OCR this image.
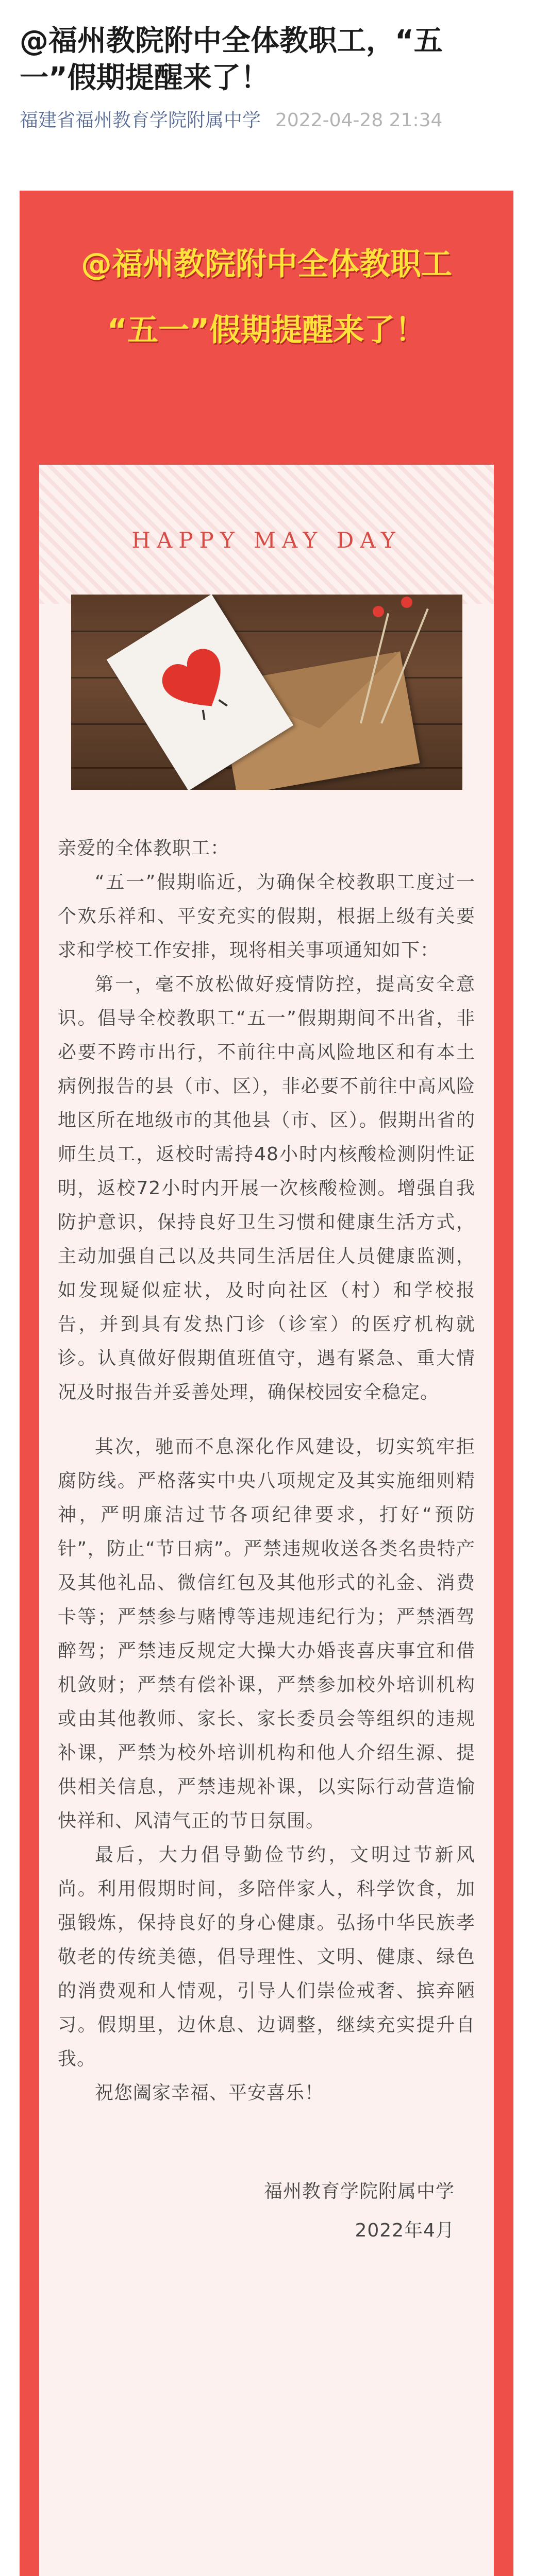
@福州教院附中全体教职工，“五一”假期提醒来了！
福建省福州教育学院附属中学 2022-04-28 21:34
@福州教院附中全体教职工
“五一”假期提醒来了！
HAPPY MAY DAY

亲爱的全体教职工：

“五一”假期临近，为确保全校教职工度过一个欢乐祥和、平安充实的假期，根据上级有关要求和学校工作安排，现将相关事项通知如下：

第一，毫不放松做好疫情防控，提高安全意识。倡导全校教职工“五一”假期期间不出省，非必要不跨市出行，不前往中高风险地区和有本土病例报告的县（市、区），非必要不前往中高风险地区所在地级市的其他县（市、区）。假期出省的师生员工，返校时需持48小时内核酸检测阴性证明，返校72小时内开展一次核酸检测。增强自我防护意识，保持良好卫生习惯和健康生活方式，主动加强自己以及共同生活居住人员健康监测，如发现疑似症状，及时向社区（村）和学校报告，并到具有发热门诊（诊室）的医疗机构就诊。认真做好假期值班值守，遇有紧急、重大情况及时报告并妥善处理，确保校园安全稳定。

其次，驰而不息深化作风建设，切实筑牢拒腐防线。严格落实中央八项规定及其实施细则精神，严明廉洁过节各项纪律要求，打好“预防针”，防止“节日病”。严禁违规收送各类名贵特产及其他礼品、微信红包及其他形式的礼金、消费卡等；严禁参与赌博等违规违纪行为；严禁酒驾醉驾；严禁违反规定大操大办婚丧喜庆事宜和借机敛财；严禁有偿补课，严禁参加校外培训机构或由其他教师、家长、家长委员会等组织的违规补课，严禁为校外培训机构和他人介绍生源、提供相关信息，严禁违规补课，以实际行动营造愉快祥和、风清气正的节日氛围。

最后，大力倡导勤俭节约，文明过节新风尚。利用假期时间，多陪伴家人，科学饮食，加强锻炼，保持良好的身心健康。弘扬中华民族孝敬老的传统美德，倡导理性、文明、健康、绿色的消费观和人情观，引导人们崇俭戒奢、摈弃陋习。假期里，边休息、边调整，继续充实提升自我。

祝您阖家幸福、平安喜乐！

福州教育学院附属中学
2022年4月
